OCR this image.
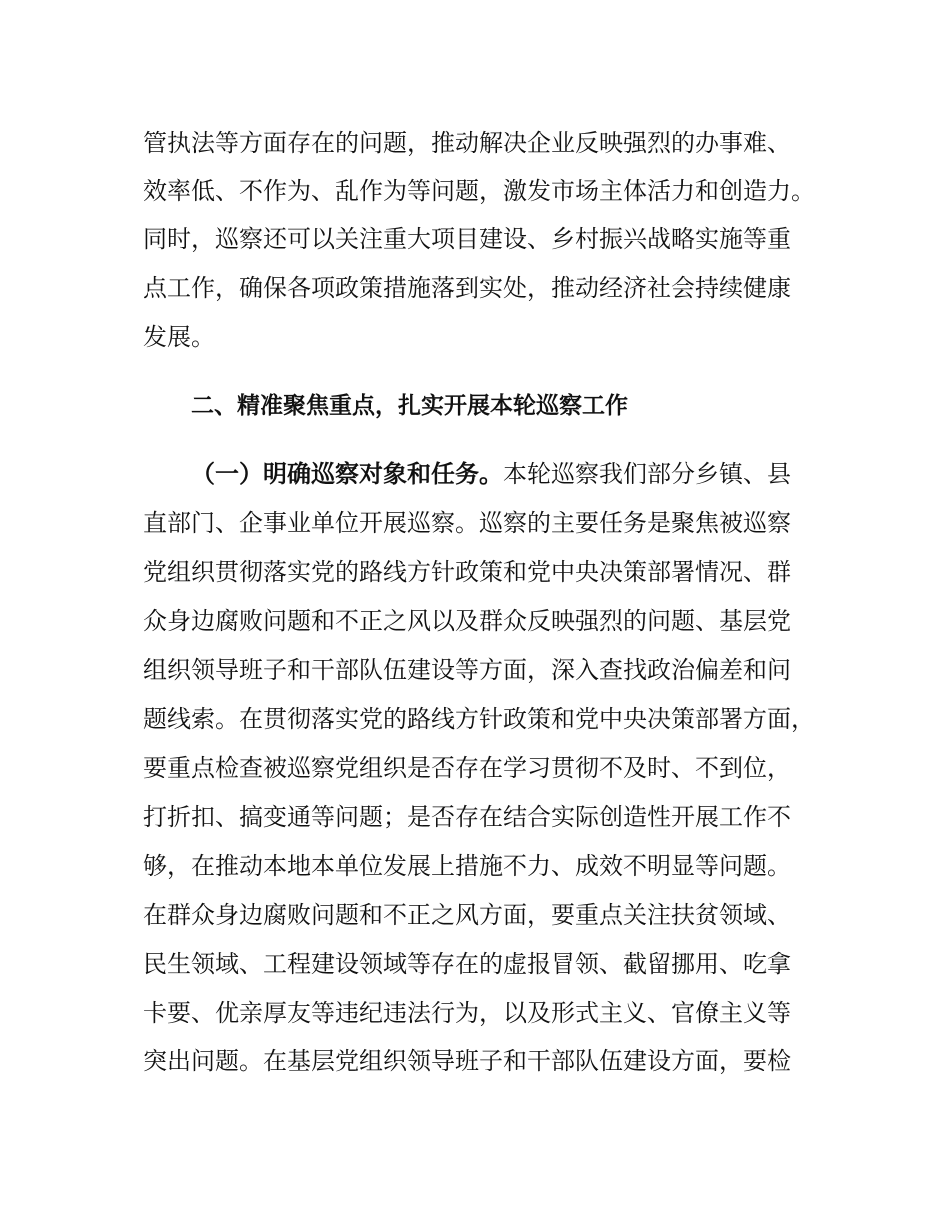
管执法等方面存在的问题，推动解决企业反映强烈的办事难、
效率低、不作为、乱作为等问题，激发市场主体活力和创造力。
同时，巡察还可以关注重大项目建设、乡村振兴战略实施等重
点工作，确保各项政策措施落到实处，推动经济社会持续健康
发展。
二、精准聚焦重点，扎实开展本轮巡察工作
（一）明确巡察对象和任务。本轮巡察我们部分乡镇、县
直部门、企事业单位开展巡察。巡察的主要任务是聚焦被巡察
党组织贯彻落实党的路线方针政策和党中央决策部署情况、群
众身边腐败问题和不正之风以及群众反映强烈的问题、基层党
组织领导班子和干部队伍建设等方面，深入查找政治偏差和问
题线索。在贯彻落实党的路线方针政策和党中央决策部署方面，
要重点检查被巡察党组织是否存在学习贯彻不及时、不到位，
打折扣、搞变通等问题；是否存在结合实际创造性开展工作不
够，在推动本地本单位发展上措施不力、成效不明显等问题。
在群众身边腐败问题和不正之风方面，要重点关注扶贫领域、
民生领域、工程建设领域等存在的虚报冒领、截留挪用、吃拿
卡要、优亲厚友等违纪违法行为，以及形式主义、官僚主义等
突出问题。在基层党组织领导班子和干部队伍建设方面，要检
